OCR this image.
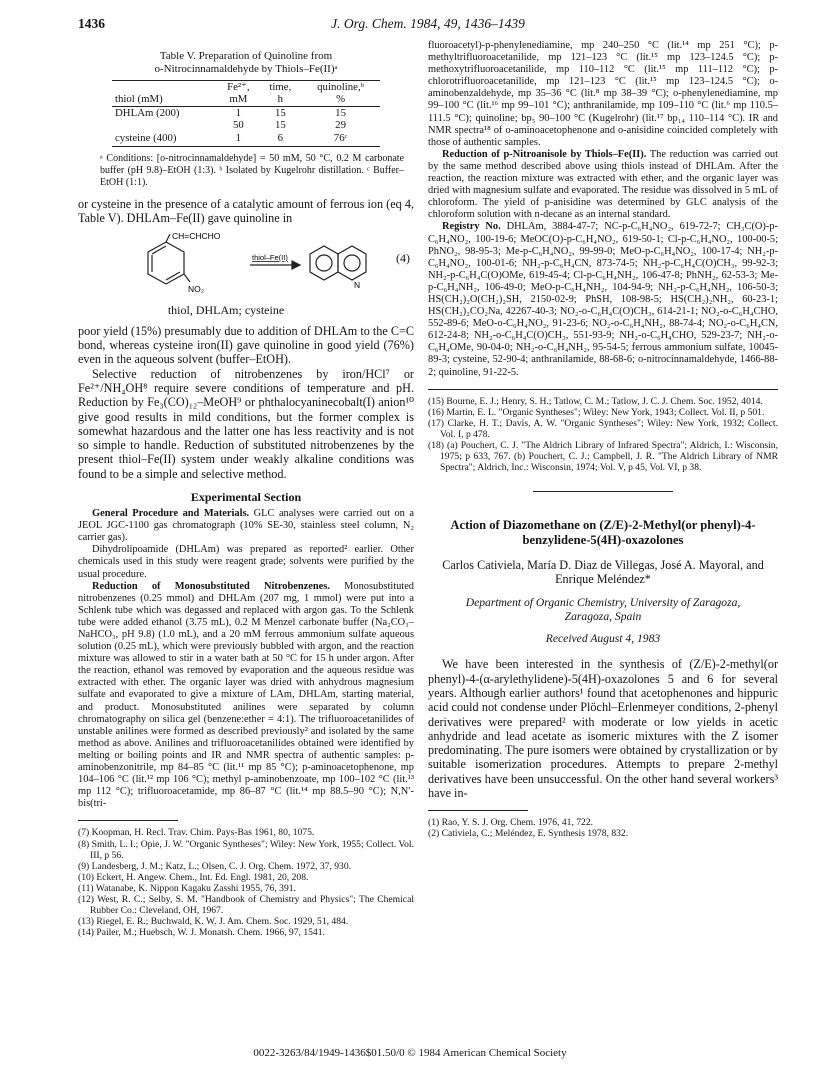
1436	J. Org. Chem. 1984, 49, 1436–1439
Table V. Preparation of Quinoline from
o-Nitrocinnamaldehyde by Thiols–Fe(II)ᵃ
	Fe²⁺,	time,	quinoline,ᵇ
thiol (mM)	mM	h	%
DHLAm (200)	1	15	15
	50	15	29
cysteine (400)	1	6	76ᶜ
ᵃ Conditions: [o-nitrocinnamaldehyde] = 50 mM, 50 °C, 0.2 M carbonate buffer (pH 9.8)–EtOH (1:3). ᵇ Isolated by Kugelrohr distillation. ᶜ Buffer–EtOH (1:1).

or cysteine in the presence of a catalytic amount of ferrous ion (eq 4, Table V). DHLAm–Fe(II) gave quinoline in

CH=CHCHO
NO₂
thiol–Fe(II)
N
(4)
thiol, DHLAm; cysteine

poor yield (15%) presumably due to addition of DHLAm to the C=C bond, whereas cysteine iron(II) gave quinoline in good yield (76%) even in the aqueous solvent (buffer–EtOH).

Selective reduction of nitrobenzenes by iron/HCl⁷ or Fe²⁺/NH₄OH⁸ require severe conditions of temperature and pH. Reduction by Fe₃(CO)₁₂–MeOH⁹ or phthalocyaninecobalt(I) anion¹⁰ give good results in mild conditions, but the former complex is somewhat hazardous and the latter one has less reactivity and is not so simple to handle. Reduction of substituted nitrobenzenes by the present thiol–Fe(II) system under weakly alkaline conditions was found to be a simple and selective method.

Experimental Section

General Procedure and Materials. GLC analyses were carried out on a JEOL JGC-1100 gas chromatograph (10% SE-30, stainless steel column, N₂ carrier gas).

Dihydrolipoamide (DHLAm) was prepared as reported² earlier. Other chemicals used in this study were reagent grade; solvents were purified by the usual procedure.

Reduction of Monosubstituted Nitrobenzenes. Monosubstituted nitrobenzenes (0.25 mmol) and DHLAm (207 mg, 1 mmol) were put into a Schlenk tube which was degassed and replaced with argon gas. To the Schlenk tube were added ethanol (3.75 mL), 0.2 M Menzel carbonate buffer (Na₂CO₃–NaHCO₃, pH 9.8) (1.0 mL), and a 20 mM ferrous ammonium sulfate aqueous solution (0.25 mL), which were previously bubbled with argon, and the reaction mixture was allowed to stir in a water bath at 50 °C for 15 h under argon. After the reaction, ethanol was removed by evaporation and the aqueous residue was extracted with ether. The organic layer was dried with anhydrous magnesium sulfate and evaporated to give a mixture of LAm, DHLAm, starting material, and product. Monosubstituted anilines were separated by column chromatography on silica gel (benzene:ether = 4:1). The trifluoroacetanilides of unstable anilines were formed as described previously² and isolated by the same method as above. Anilines and trifluoroacetanilides obtained were identified by melting or boiling points and IR and NMR spectra of authentic samples: p-aminobenzonitrile, mp 84–85 °C (lit.¹¹ mp 85 °C); p-aminoacetophenone, mp 104–106 °C (lit.¹² mp 106 °C); methyl p-aminobenzoate, mp 100–102 °C (lit.¹³ mp 112 °C); trifluoroacetamide, mp 86–87 °C (lit.¹⁴ mp 88.5–90 °C); N,N′-bis(tri-

(7) Koopman, H. Recl. Trav. Chim. Pays-Bas 1961, 80, 1075.
(8) Smith, L. I.; Opie, J. W. "Organic Syntheses"; Wiley: New York, 1955; Collect. Vol. III, p 56.
(9) Landesberg, J. M.; Katz, L.; Olsen, C. J. Org. Chem. 1972, 37, 930.
(10) Eckert, H. Angew. Chem., Int. Ed. Engl. 1981, 20, 208.
(11) Watanabe, K. Nippon Kagaku Zasshi 1955, 76, 391.
(12) West, R. C.; Selby, S. M. "Handbook of Chemistry and Physics"; The Chemical Rubber Co.: Cleveland, OH, 1967.
(13) Riegel, E. R.; Buchwald, K. W. J. Am. Chem. Soc. 1929, 51, 484.
(14) Pailer, M.; Huebsch, W. J. Monatsh. Chem. 1966, 97, 1541.

fluoroacetyl)-p-phenylenediamine, mp 240–250 °C (lit.¹⁴ mp 251 °C); p-methyltrifluoroacetanilide, mp 121–123 °C (lit.¹⁵ mp 123–124.5 °C); p-methoxytrifluoroacetanilide, mp 110–112 °C (lit.¹⁵ mp 111–112 °C); p-chlorotrifluoroacetanilide, mp 121–123 °C (lit.¹⁵ mp 123–124.5 °C); o-aminobenzaldehyde, mp 35–36 °C (lit.⁸ mp 38–39 °C); o-phenylenediamine, mp 99–100 °C (lit.¹⁶ mp 99–101 °C); anthranilamide, mp 109–110 °C (lit.⁶ mp 110.5–111.5 °C); quinoline; bp₅ 90–100 °C (Kugelrohr) (lit.¹⁷ bp₁₄ 110–114 °C). IR and NMR spectra¹⁸ of o-aminoacetophenone and o-anisidine coincided completely with those of authentic samples.

Reduction of p-Nitroanisole by Thiols–Fe(II). The reduction was carried out by the same method described above using thiols instead of DHLAm. After the reaction, the reaction mixture was extracted with ether, and the organic layer was dried with magnesium sulfate and evaporated. The residue was dissolved in 5 mL of chloroform. The yield of p-anisidine was determined by GLC analysis of the chloroform solution with n-decane as an internal standard.

Registry No. DHLAm, 3884-47-7; NC-p-C₆H₄NO₂, 619-72-7; CH₃C(O)-p-C₆H₄NO₂, 100-19-6; MeOC(O)-p-C₆H₄NO₂, 619-50-1; Cl-p-C₆H₄NO₂, 100-00-5; PhNO₂, 98-95-3; Me-p-C₆H₄NO₂, 99-99-0; MeO-p-C₆H₄NO₂, 100-17-4; NH₂-p-C₆H₄NO₂, 100-01-6; NH₂-p-C₆H₄CN, 873-74-5; NH₂-p-C₆H₄C(O)CH₃, 99-92-3; NH₂-p-C₆H₄C(O)OMe, 619-45-4; Cl-p-C₆H₄NH₂, 106-47-8; PhNH₂, 62-53-3; Me-p-C₆H₄NH₂, 106-49-0; MeO-p-C₆H₄NH₂, 104-94-9; NH₂-p-C₆H₄NH₂, 106-50-3; HS(CH₂)₂O(CH₂)₂SH, 2150-02-9; PhSH, 108-98-5; HS(CH₂)₂NH₂, 60-23-1; HS(CH₂)₂CO₂Na, 42267-40-3; NO₂-o-C₆H₄C(O)CH₃, 614-21-1; NO₂-o-C₆H₄CHO, 552-89-6; MeO-o-C₆H₄NO₂, 91-23-6; NO₂-o-C₆H₄NH₂, 88-74-4; NO₂-o-C₆H₄CN, 612-24-8; NH₂-o-C₆H₄C(O)CH₃, 551-93-9; NH₂-o-C₆H₄CHO, 529-23-7; NH₂-o-C₆H₄OMe, 90-04-0; NH₂-o-C₆H₄NH₂, 95-54-5; ferrous ammonium sulfate, 10045-89-3; cysteine, 52-90-4; anthranilamide, 88-68-6; o-nitrocinnamaldehyde, 1466-88-2; quinoline, 91-22-5.

(15) Bourne, E. J.; Henry, S. H.; Tatlow, C. M.; Tatlow, J. C. J. Chem. Soc. 1952, 4014.
(16) Martin, E. L. "Organic Syntheses"; Wiley: New York, 1943; Collect. Vol. II, p 501.
(17) Clarke, H. T.; Davis, A. W. "Organic Syntheses"; Wiley: New York, 1932; Collect. Vol. I, p 478.
(18) (a) Pouchert, C. J. "The Aldrich Library of Infrared Spectra"; Aldrich, I.: Wisconsin, 1975; p 633, 767. (b) Pouchert, C. J.; Campbell, J. R. "The Aldrich Library of NMR Spectra"; Aldrich, Inc.: Wisconsin, 1974; Vol. V, p 45, Vol. VI, p 38.
Action of Diazomethane on (Z/E)-2-Methyl(or phenyl)-4-benzylidene-5(4H)-oxazolones
Carlos Cativiela, María D. Diaz de Villegas, José A. Mayoral, and Enrique Meléndez*
Department of Organic Chemistry, University of Zaragoza, Zaragoza, Spain
Received August 4, 1983

We have been interested in the synthesis of (Z/E)-2-methyl(or phenyl)-4-(α-arylethylidene)-5(4H)-oxazolones 5 and 6 for several years. Although earlier authors¹ found that acetophenones and hippuric acid could not condense under Plöchl–Erlenmeyer conditions, 2-phenyl derivatives were prepared² with moderate or low yields in acetic anhydride and lead acetate as isomeric mixtures with the Z isomer predominating. The pure isomers were obtained by crystallization or by suitable isomerization procedures. Attempts to prepare 2-methyl derivatives have been unsuccessful. On the other hand several workers³ have in-

(1) Rao, Y. S. J. Org. Chem. 1976, 41, 722.
(2) Cativiela, C.; Meléndez, E. Synthesis 1978, 832.
0022-3263/84/1949-1436$01.50/0 © 1984 American Chemical Society
